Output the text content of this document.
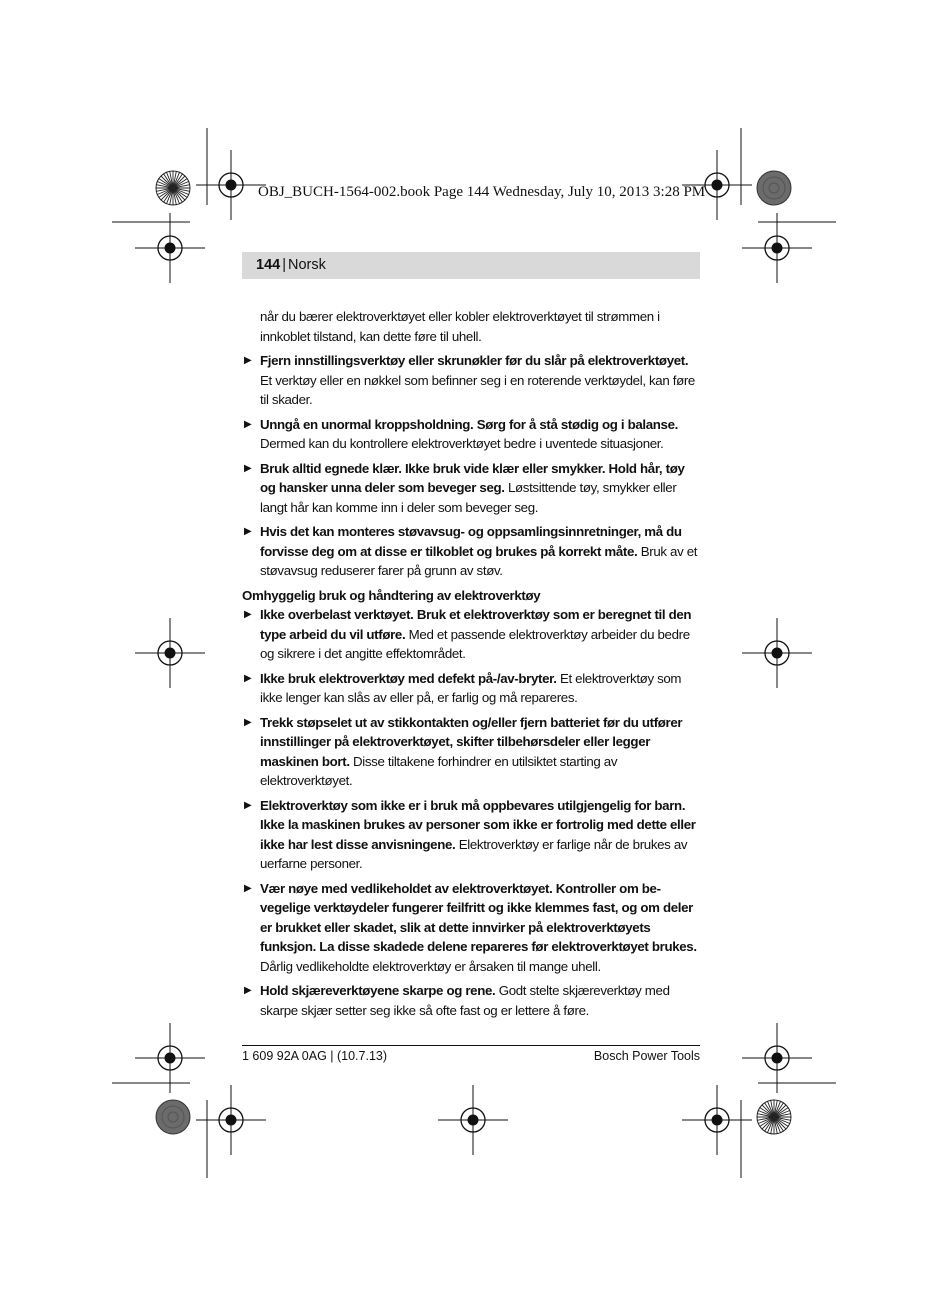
OBJ_BUCH-1564-002.book Page 144 Wednesday, July 10, 2013 3:28 PM
144 | Norsk

når du bærer elektroverktøyet eller kobler elektroverktøyet til strømmen i innkoblet tilstand, kan dette føre til uhell.

▶ Fjern innstillingsverktøy eller skrunøkler før du slår på elektroverktøyet. Et verktøy eller en nøkkel som befinner seg i en roterende verktøydel, kan føre til skader.
▶ Unngå en unormal kroppsholdning. Sørg for å stå stødig og i balanse. Dermed kan du kontrollere elektroverktøyet bedre i uventede situasjoner.
▶ Bruk alltid egnede klær. Ikke bruk vide klær eller smykker. Hold hår, tøy og hansker unna deler som beveger seg. Løstsittende tøy, smykker eller langt hår kan komme inn i deler som beveger seg.
▶ Hvis det kan monteres støvavsug- og oppsamlingsinnretninger, må du forvisse deg om at disse er tilkoblet og brukes på korrekt måte. Bruk av et støvavsug reduserer farer på grunn av støv.

Omhyggelig bruk og håndtering av elektroverktøy

▶ Ikke overbelast verktøyet. Bruk et elektroverktøy som er beregnet til den type arbeid du vil utføre. Med et passende elektroverktøy arbeider du bedre og sikrere i det angitte effektområdet.
▶ Ikke bruk elektroverktøy med defekt på-/av-bryter. Et elektroverktøy som ikke lenger kan slås av eller på, er farlig og må repareres.
▶ Trekk støpselet ut av stikkontakten og/eller fjern batteriet før du utfører innstillinger på elektroverktøyet, skifter tilbehørsdeler eller legger maskinen bort. Disse tiltakene forhindrer en utilsiktet starting av elektroverktøyet.
▶ Elektroverktøy som ikke er i bruk må oppbevares utilgjengelig for barn. Ikke la maskinen brukes av personer som ikke er fortrolig med dette eller ikke har lest disse anvisningene. Elektroverktøy er farlige når de brukes av uerfarne personer.
▶ Vær nøye med vedlikeholdet av elektroverktøyet. Kontroller om bevegelige verktøydeler fungerer feilfritt og ikke klemmes fast, og om deler er brukket eller skadet, slik at dette innvirker på elektroverktøyets funksjon. La disse skadede delene repareres før elektroverktøyet brukes. Dårlig vedlikeholdte elektroverktøy er årsaken til mange uhell.
▶ Hold skjæreverktøyene skarpe og rene. Godt stelte skjæreverktøy med skarpe skjær setter seg ikke så ofte fast og er lettere å føre.
1 609 92A 0AG | (10.7.13)	Bosch Power Tools
